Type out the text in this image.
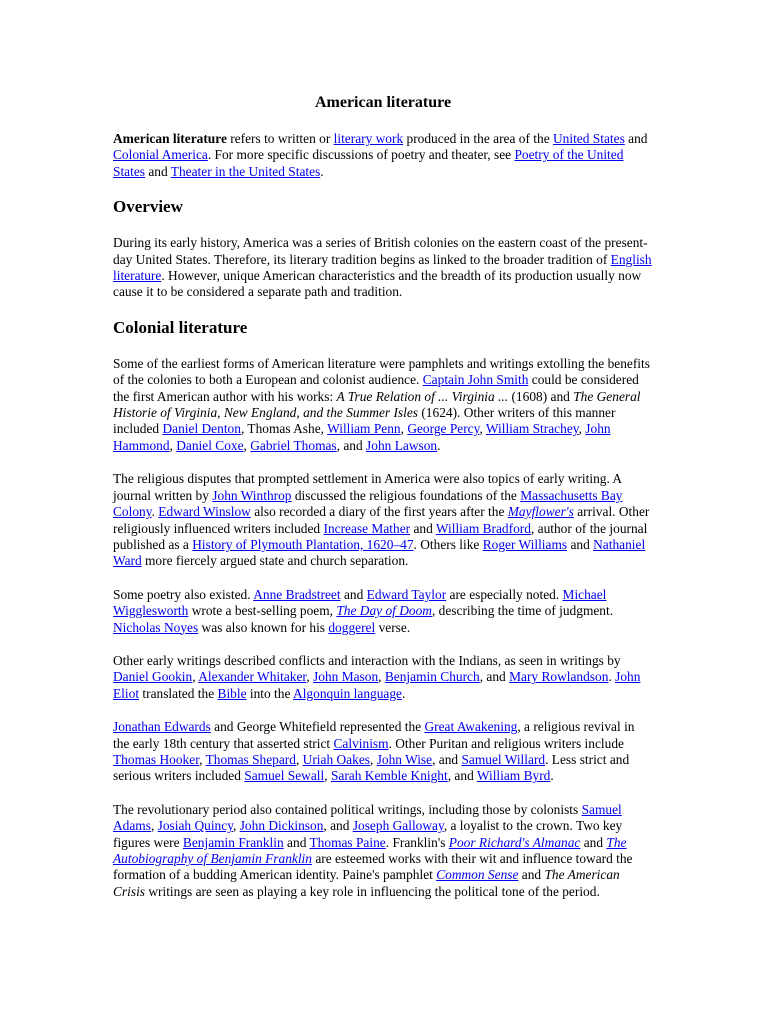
American literature

American literature refers to written or literary work produced in the area of the United States and Colonial America. For more specific discussions of poetry and theater, see Poetry of the United States and Theater in the United States.

Overview

During its early history, America was a series of British colonies on the eastern coast of the present-day United States. Therefore, its literary tradition begins as linked to the broader tradition of English literature. However, unique American characteristics and the breadth of its production usually now cause it to be considered a separate path and tradition.

Colonial literature

Some of the earliest forms of American literature were pamphlets and writings extolling the benefits of the colonies to both a European and colonist audience. Captain John Smith could be considered the first American author with his works: A True Relation of ... Virginia ... (1608) and The General Historie of Virginia, New England, and the Summer Isles (1624). Other writers of this manner included Daniel Denton, Thomas Ashe, William Penn, George Percy, William Strachey, John Hammond, Daniel Coxe, Gabriel Thomas, and John Lawson.

The religious disputes that prompted settlement in America were also topics of early writing. A journal written by John Winthrop discussed the religious foundations of the Massachusetts Bay Colony. Edward Winslow also recorded a diary of the first years after the Mayflower's arrival. Other religiously influenced writers included Increase Mather and William Bradford, author of the journal published as a History of Plymouth Plantation, 1620–47. Others like Roger Williams and Nathaniel Ward more fiercely argued state and church separation.

Some poetry also existed. Anne Bradstreet and Edward Taylor are especially noted. Michael Wigglesworth wrote a best-selling poem, The Day of Doom, describing the time of judgment. Nicholas Noyes was also known for his doggerel verse.

Other early writings described conflicts and interaction with the Indians, as seen in writings by Daniel Gookin, Alexander Whitaker, John Mason, Benjamin Church, and Mary Rowlandson. John Eliot translated the Bible into the Algonquin language.

Jonathan Edwards and George Whitefield represented the Great Awakening, a religious revival in the early 18th century that asserted strict Calvinism. Other Puritan and religious writers include Thomas Hooker, Thomas Shepard, Uriah Oakes, John Wise, and Samuel Willard. Less strict and serious writers included Samuel Sewall, Sarah Kemble Knight, and William Byrd.

The revolutionary period also contained political writings, including those by colonists Samuel Adams, Josiah Quincy, John Dickinson, and Joseph Galloway, a loyalist to the crown. Two key figures were Benjamin Franklin and Thomas Paine. Franklin's Poor Richard's Almanac and The Autobiography of Benjamin Franklin are esteemed works with their wit and influence toward the formation of a budding American identity. Paine's pamphlet Common Sense and The American Crisis writings are seen as playing a key role in influencing the political tone of the period.
